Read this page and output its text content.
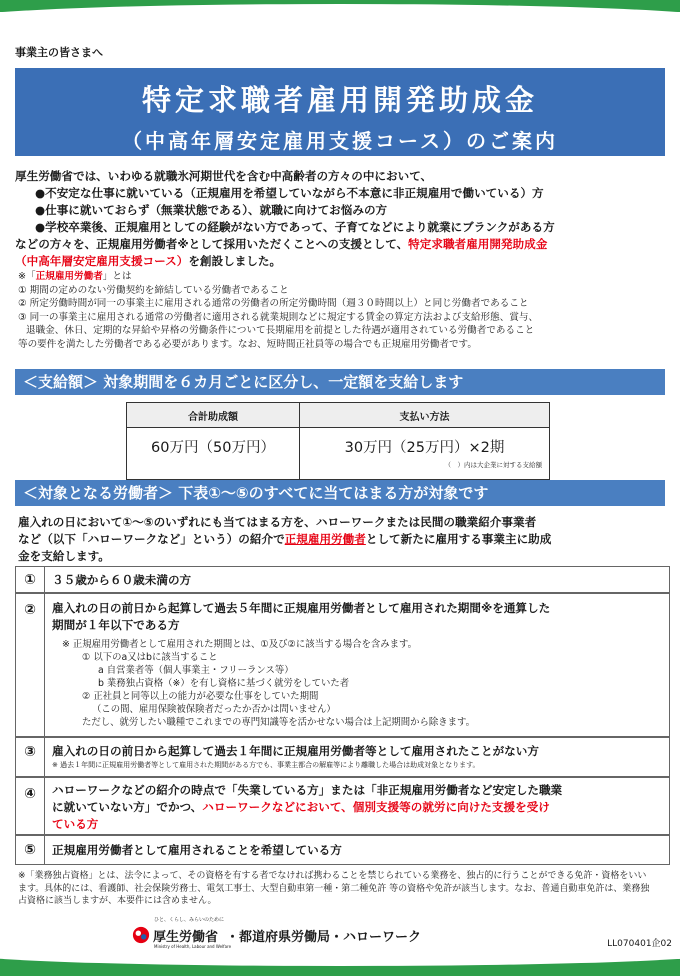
事業主の皆さまへ
特定求職者雇用開発助成金
（中高年層安定雇用支援コース）のご案内
厚生労働省では、いわゆる就職氷河期世代を含む中高齢者の方々の中において、
●不安定な仕事に就いている（正規雇用を希望していながら不本意に非正規雇用で働いている）方
●仕事に就いておらず（無業状態である）、就職に向けてお悩みの方
●学校卒業後、正規雇用としての経験がない方であって、子育てなどにより就業にブランクがある方
などの方々を、正規雇用労働者※として採用いただくことへの支援として、特定求職者雇用開発助成金
（中高年層安定雇用支援コース）を創設しました。
※「正規雇用労働者」とは
① 期間の定めのない労働契約を締結している労働者であること
② 所定労働時間が同一の事業主に雇用される通常の労働者の所定労働時間（週３０時間以上）と同じ労働者であること
③ 同一の事業主に雇用される通常の労働者に適用される就業規則などに規定する賃金の算定方法および支給形態、賞与、
退職金、休日、定期的な昇給や昇格の労働条件について長期雇用を前提とした待遇が適用されている労働者であること
等の要件を満たした労働者である必要があります。なお、短時間正社員等の場合でも正規雇用労働者です。
＜支給額＞ 対象期間を６カ月ごとに区分し、一定額を支給します
合計助成額	支払い方法
60万円（50万円）	30万円（25万円）×2期
（　）内は大企業に対する支給額
＜対象となる労働者＞ 下表①～⑤のすべてに当てはまる方が対象です
雇入れの日において①～⑤のいずれにも当てはまる方を、ハローワークまたは民間の職業紹介事業者
など（以下「ハローワークなど」という）の紹介で正規雇用労働者として新たに雇用する事業主に助成
金を支給します。
①	３５歳から６０歳未満の方
②	雇入れの日の前日から起算して過去５年間に正規雇用労働者として雇用された期間※を通算した
期間が１年以下である方
※ 正規雇用労働者として雇用された期間とは、①及び②に該当する場合を含みます。
① 以下のa又はbに該当すること
a 自営業者等（個人事業主・フリーランス等）
b 業務独占資格（※）を有し資格に基づく就労をしていた者
② 正社員と同等以上の能力が必要な仕事をしていた期間
（この間、雇用保険被保険者だったか否かは問いません）
ただし、就労したい職種でこれまでの専門知識等を活かせない場合は上記期間から除きます。
③	雇入れの日の前日から起算して過去１年間に正規雇用労働者等として雇用されたことがない方
※ 過去１年間に正規雇用労働者等として雇用された期間がある方でも、事業主都合の解雇等により離職した場合は助成対象となります。
④	ハローワークなどの紹介の時点で「失業している方」または「非正規雇用労働者など安定した職業
に就いていない方」でかつ、ハローワークなどにおいて、個別支援等の就労に向けた支援を受け
ている方
⑤	正規雇用労働者として雇用されることを希望している方
※「業務独占資格」とは、法令によって、その資格を有する者でなければ携わることを禁じられている業務を、独占的に行うことができる免許・資格をいい
ます。具体的には、看護師、社会保険労務士、電気工事士、大型自動車第一種・第二種免許 等の資格や免許が該当します。なお、普通自動車免許は、業務独
占資格に該当しますが、本要件には含めません。
ひと、くらし、みらいのために
厚生労働省
Ministry of Health, Labour and Welfare
・都道府県労働局・ハローワーク	LL070401企02
